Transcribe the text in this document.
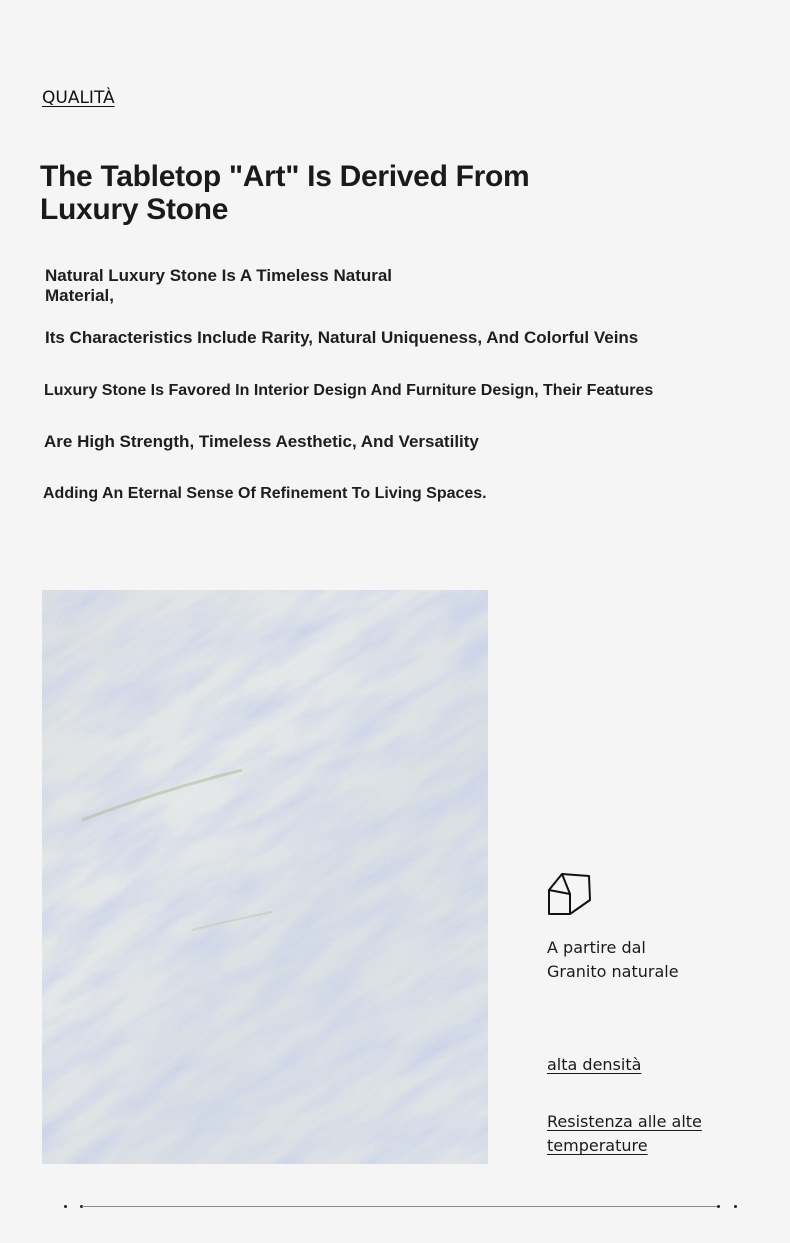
QUALITÀ
The Tabletop "Art" Is Derived From Luxury Stone

Natural Luxury Stone Is A Timeless Natural Material,

Its Characteristics Include Rarity, Natural Uniqueness, And Colorful Veins

Luxury Stone Is Favored In Interior Design And Furniture Design, Their Features

Are High Strength, Timeless Aesthetic, And Versatility

Adding An Eternal Sense Of Refinement To Living Spaces.

A partire dal
Granito naturale
alta densità
Resistenza alle alte temperature
